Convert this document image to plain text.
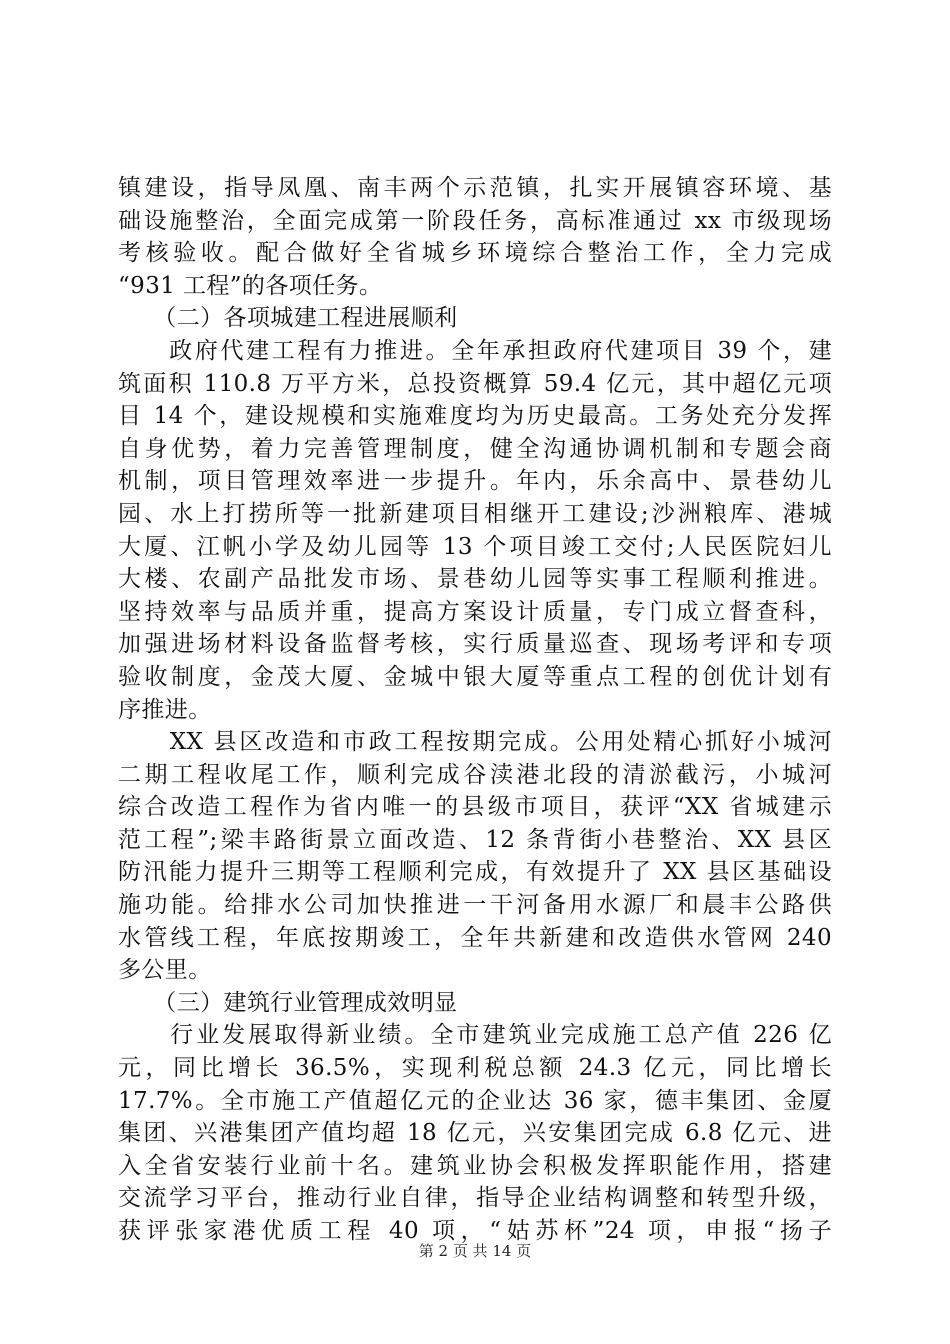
镇建设，指导凤凰、南丰两个示范镇，扎实开展镇容环境、基
础设施整治，全面完成第一阶段任务，高标准通过 xx 市级现场
考核验收。配合做好全省城乡环境综合整治工作，全力完成
“931 工程”的各项任务。
　　（二）各项城建工程进展顺利
　　政府代建工程有力推进。全年承担政府代建项目 39 个，建
筑面积 110.8 万平方米，总投资概算 59.4 亿元，其中超亿元项
目 14 个，建设规模和实施难度均为历史最高。工务处充分发挥
自身优势，着力完善管理制度，健全沟通协调机制和专题会商
机制，项目管理效率进一步提升。年内，乐余高中、景巷幼儿
园、水上打捞所等一批新建项目相继开工建设;沙洲粮库、港城
大厦、江帆小学及幼儿园等 13 个项目竣工交付;人民医院妇儿
大楼、农副产品批发市场、景巷幼儿园等实事工程顺利推进。
坚持效率与品质并重，提高方案设计质量，专门成立督查科，
加强进场材料设备监督考核，实行质量巡查、现场考评和专项
验收制度，金茂大厦、金城中银大厦等重点工程的创优计划有
序推进。
　　XX 县区改造和市政工程按期完成。公用处精心抓好小城河
二期工程收尾工作，顺利完成谷渎港北段的清淤截污，小城河
综合改造工程作为省内唯一的县级市项目，获评“XX 省城建示
范工程”;梁丰路街景立面改造、12 条背街小巷整治、XX 县区
防汛能力提升三期等工程顺利完成，有效提升了 XX 县区基础设
施功能。给排水公司加快推进一干河备用水源厂和晨丰公路供
水管线工程，年底按期竣工，全年共新建和改造供水管网 240
多公里。
　　（三）建筑行业管理成效明显
　　行业发展取得新业绩。全市建筑业完成施工总产值 226 亿
元，同比增长 36.5%，实现利税总额 24.3 亿元，同比增长
17.7%。全市施工产值超亿元的企业达 36 家，德丰集团、金厦
集团、兴港集团产值均超 18 亿元，兴安集团完成 6.8 亿元、进
入全省安装行业前十名。建筑业协会积极发挥职能作用，搭建
交流学习平台，推动行业自律，指导企业结构调整和转型升级，
获评张家港优质工程 40 项，“姑苏杯”24 项，申报“扬子
第 2 页 共 14 页
